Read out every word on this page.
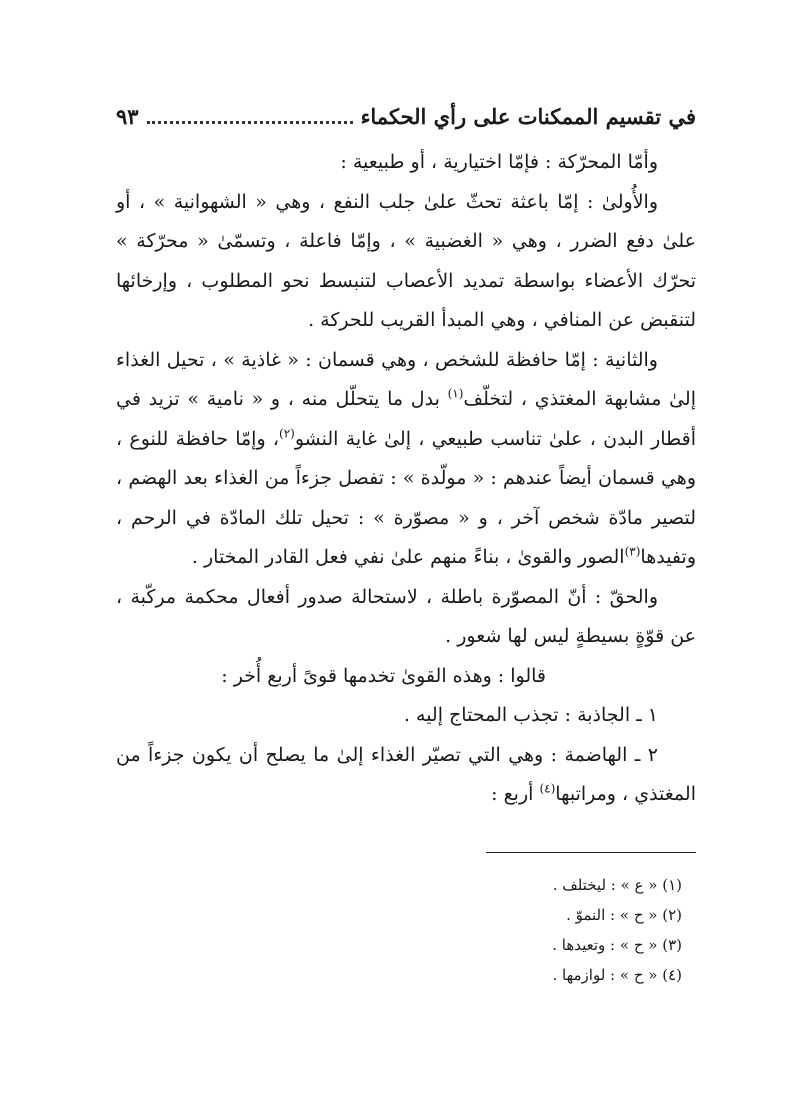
في تقسيم الممكنات على رأي الحكماء
٩٣

وأمّا المحرّكة : فإمّا اختيارية ، أو طبيعية :

والأُولىٰ : إمّا باعثة تحثّ علىٰ جلب النفع ، وهي « الشهوانية » ، أو علىٰ دفع الضرر ، وهي « الغضبية » ، وإمّا فاعلة ، وتسمّىٰ « محرّكة » تحرّك الأعضاء بواسطة تمديد الأعصاب لتنبسط نحو المطلوب ، وإرخائها لتنقبض عن المنافي ، وهي المبدأ القريب للحركة .

والثانية : إمّا حافظة للشخص ، وهي قسمان : « غاذية » ، تحيل الغذاء إلىٰ مشابهة المغتذي ، لتخلّف$^{(١)}$ بدل ما يتحلّل منه ، و « نامية » تزيد في أقطار البدن ، علىٰ تناسب طبيعي ، إلىٰ غاية النشو$^{(٢)}$، وإمّا حافظة للنوع ، وهي قسمان أيضاً عندهم : « مولّدة » : تفصل جزءاً من الغذاء بعد الهضم ، لتصير مادّة شخص آخر ، و « مصوّرة » : تحيل تلك المادّة في الرحم ، وتفيدها$^{(٣)}$الصور والقوىٰ ، بناءً منهم علىٰ نفي فعل القادر المختار .

والحقّ : أنّ المصوّرة باطلة ، لاستحالة صدور أفعال محكمة مركّبة ، عن قوّةٍ بسيطةٍ ليس لها شعور .

قالوا : وهذه القوىٰ تخدمها قوىً أربع أُخر :

١ ـ الجاذبة : تجذب المحتاج إليه .

٢ ـ الهاضمة : وهي التي تصيّر الغذاء إلىٰ ما يصلح أن يكون جزءاً من المغتذي ، ومراتبها$^{(٤)}$ أربع :

(١) « ع » : ليختلف .
(٢) « ح » : النموّ .
(٣) « ح » : وتعيدها .
(٤) « ح » : لوازمها .
